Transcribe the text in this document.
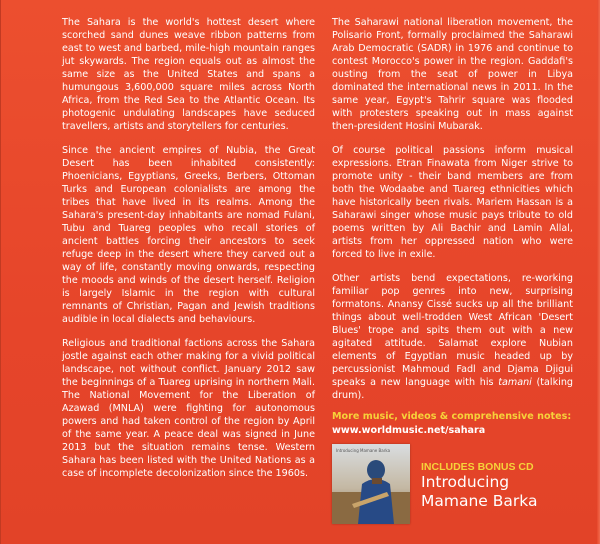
The Sahara is the world's hottest desert where scorched sand dunes weave ribbon patterns from east to west and barbed, mile-high mountain ranges jut skywards. The region equals out as almost the same size as the United States and spans a humungous 3,600,000 square miles across North Africa, from the Red Sea to the Atlantic Ocean. Its photogenic undulating landscapes have seduced travellers, artists and storytellers for centuries.

Since the ancient empires of Nubia, the Great Desert has been inhabited consistently: Phoenicians, Egyptians, Greeks, Berbers, Ottoman Turks and European colonialists are among the tribes that have lived in its realms. Among the Sahara's present-day inhabitants are nomad Fulani, Tubu and Tuareg peoples who recall stories of ancient battles forcing their ancestors to seek refuge deep in the desert where they carved out a way of life, constantly moving onwards, respecting the moods and winds of the desert herself. Religion is largely Islamic in the region with cultural remnants of Christian, Pagan and Jewish traditions audible in local dialects and behaviours.

Religious and traditional factions across the Sahara jostle against each other making for a vivid political landscape, not without conflict. January 2012 saw the beginnings of a Tuareg uprising in northern Mali. The National Movement for the Liberation of Azawad (MNLA) were fighting for autonomous powers and had taken control of the region by April of the same year. A peace deal was signed in June 2013 but the situation remains tense. Western Sahara has been listed with the United Nations as a case of incomplete decolonization since the 1960s.

The Saharawi national liberation movement, the Polisario Front, formally proclaimed the Saharawi Arab Democratic (SADR) in 1976 and continue to contest Morocco's power in the region. Gaddafi's ousting from the seat of power in Libya dominated the international news in 2011. In the same year, Egypt's Tahrir square was flooded with protesters speaking out in mass against then-president Hosini Mubarak.

Of course political passions inform musical expressions. Etran Finawata from Niger strive to promote unity - their band members are from both the Wodaabe and Tuareg ethnicities which have historically been rivals. Mariem Hassan is a Saharawi singer whose music pays tribute to old poems written by Ali Bachir and Lamin Allal, artists from her oppressed nation who were forced to live in exile.

Other artists bend expectations, re-working familiar pop genres into new, surprising formatons. Anansy Cissé sucks up all the brilliant things about well-trodden West African 'Desert Blues' trope and spits them out with a new agitated attitude. Salamat explore Nubian elements of Egyptian music headed up by percussionist Mahmoud Fadl and Djama Djigui speaks a new language with his tamani (talking drum).

More music, videos & comprehensive notes:
www.worldmusic.net/sahara
Introducing Mamane Barka
INCLUDES BONUS CD
Introducing
Mamane Barka
